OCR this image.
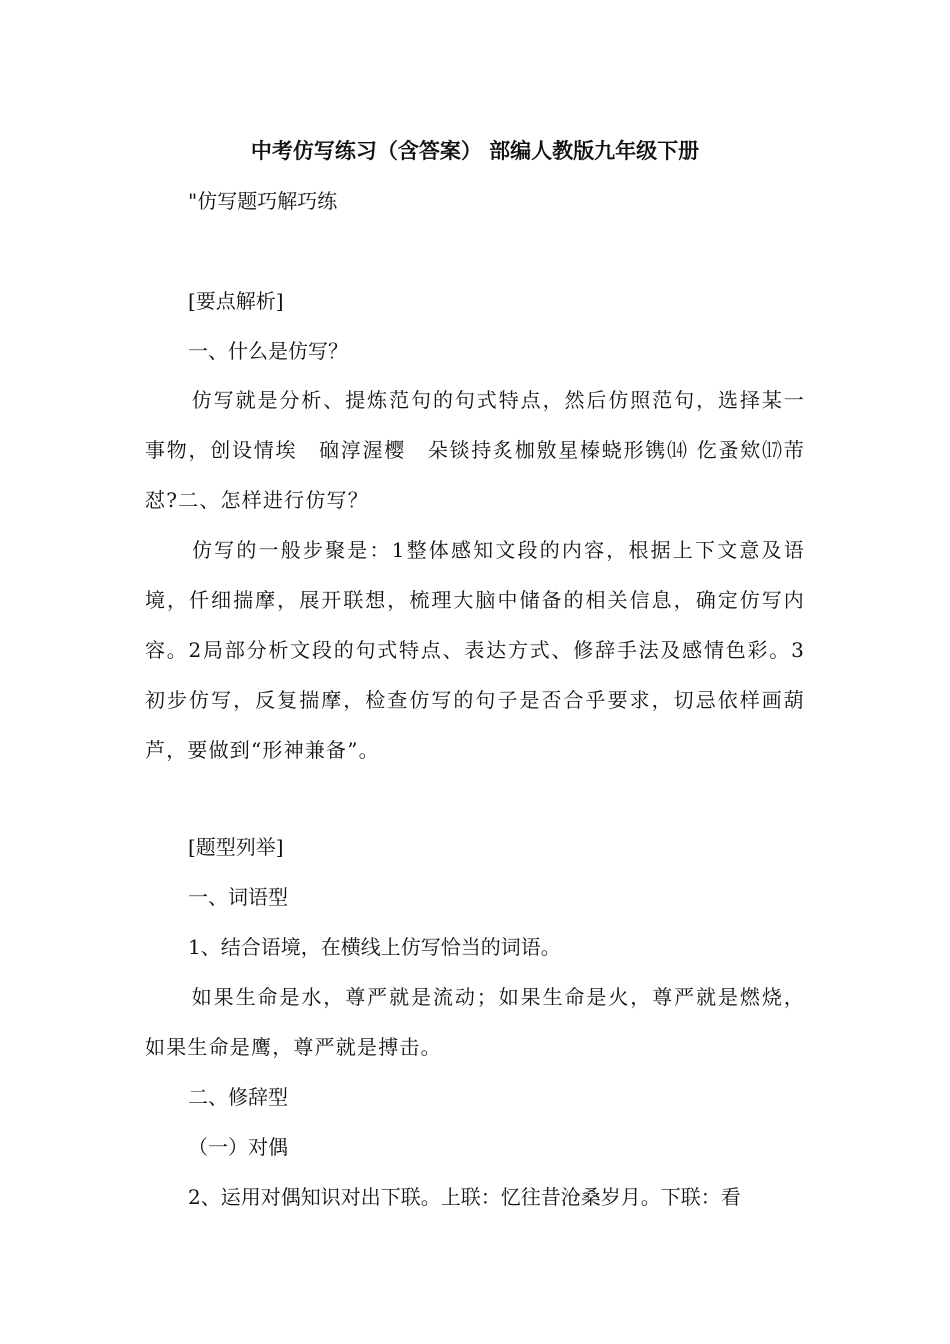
中考仿写练习（含答案） 部编人教版九年级下册
"仿写题巧解巧练
[要点解析]
一、什么是仿写？
仿写就是分析、提炼范句的句式特点，然后仿照范句，选择某一事物，创设情埃　硇淳渥樱　朵锬持炙枷敫星榛蛲形镌⒁ 仡蚤欸⒄芾怼?二、怎样进行仿写？
仿写的一般步聚是：1整体感知文段的内容，根据上下文意及语境，仟细揣摩，展开联想，梳理大脑中储备的相关信息，确定仿写内容。2局部分析文段的句式特点、表达方式、修辞手法及感情色彩。3初步仿写，反复揣摩，检查仿写的句子是否合乎要求，切忌依样画葫芦，要做到“形神兼备”。
[题型列举]
一、词语型
1、结合语境，在横线上仿写恰当的词语。
如果生命是水，尊严就是流动；如果生命是火，尊严就是燃烧，如果生命是鹰，尊严就是搏击。
二、修辞型
（一）对偶
2、运用对偶知识对出下联。上联：忆往昔沧桑岁月。下联：看
